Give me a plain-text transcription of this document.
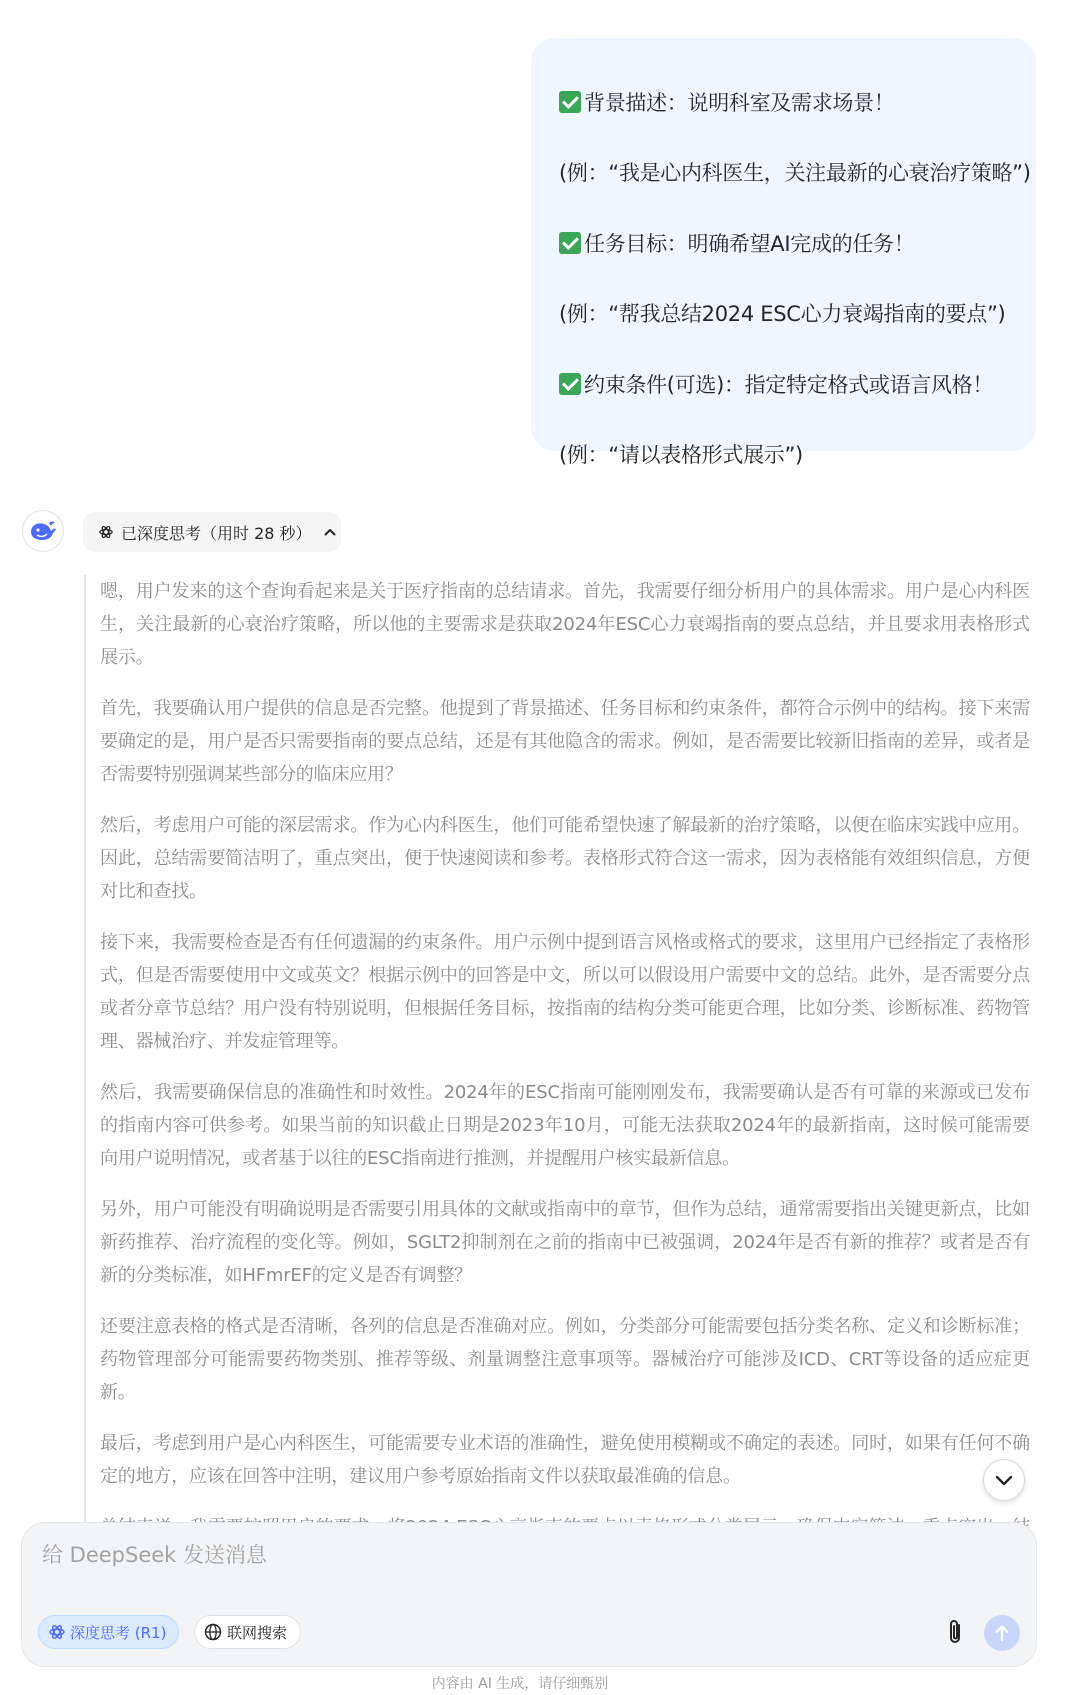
背景描述：说明科室及需求场景！
(例：“我是心内科医生，关注最新的心衰治疗策略”)
任务目标：明确希望AI完成的任务！
(例：“帮我总结2024 ESC心力衰竭指南的要点”)
约束条件(可选)：指定特定格式或语言风格！
(例：“请以表格形式展示”)
已深度思考（用时 28 秒）

嗯，用户发来的这个查询看起来是关于医疗指南的总结请求。首先，我需要仔细分析用户的具体需求。用户是心内科医生，关注最新的心衰治疗策略，所以他的主要需求是获取2024年ESC心力衰竭指南的要点总结，并且要求用表格形式展示。

首先，我要确认用户提供的信息是否完整。他提到了背景描述、任务目标和约束条件，都符合示例中的结构。接下来需要确定的是，用户是否只需要指南的要点总结，还是有其他隐含的需求。例如，是否需要比较新旧指南的差异，或者是否需要特别强调某些部分的临床应用？

然后，考虑用户可能的深层需求。作为心内科医生，他们可能希望快速了解最新的治疗策略，以便在临床实践中应用。因此，总结需要简洁明了，重点突出，便于快速阅读和参考。表格形式符合这一需求，因为表格能有效组织信息，方便对比和查找。

接下来，我需要检查是否有任何遗漏的约束条件。用户示例中提到语言风格或格式的要求，这里用户已经指定了表格形式，但是否需要使用中文或英文？根据示例中的回答是中文，所以可以假设用户需要中文的总结。此外，是否需要分点或者分章节总结？用户没有特别说明，但根据任务目标，按指南的结构分类可能更合理，比如分类、诊断标准、药物管理、器械治疗、并发症管理等。

然后，我需要确保信息的准确性和时效性。2024年的ESC指南可能刚刚发布，我需要确认是否有可靠的来源或已发布的指南内容可供参考。如果当前的知识截止日期是2023年10月，可能无法获取2024年的最新指南，这时候可能需要向用户说明情况，或者基于以往的ESC指南进行推测，并提醒用户核实最新信息。

另外，用户可能没有明确说明是否需要引用具体的文献或指南中的章节，但作为总结，通常需要指出关键更新点，比如新药推荐、治疗流程的变化等。例如，SGLT2抑制剂在之前的指南中已被强调，2024年是否有新的推荐？或者是否有新的分类标准，如HFmrEF的定义是否有调整？

还要注意表格的格式是否清晰，各列的信息是否准确对应。例如，分类部分可能需要包括分类名称、定义和诊断标准；药物管理部分可能需要药物类别、推荐等级、剂量调整注意事项等。器械治疗可能涉及ICD、CRT等设备的适应症更新。

最后，考虑到用户是心内科医生，可能需要专业术语的准确性，避免使用模糊或不确定的表述。同时，如果有任何不确定的地方，应该在回答中注明，建议用户参考原始指南文件以获取最准确的信息。

给 DeepSeek 发送消息
深度思考 (R1)	联网搜索
内容由 AI 生成，请仔细甄别
